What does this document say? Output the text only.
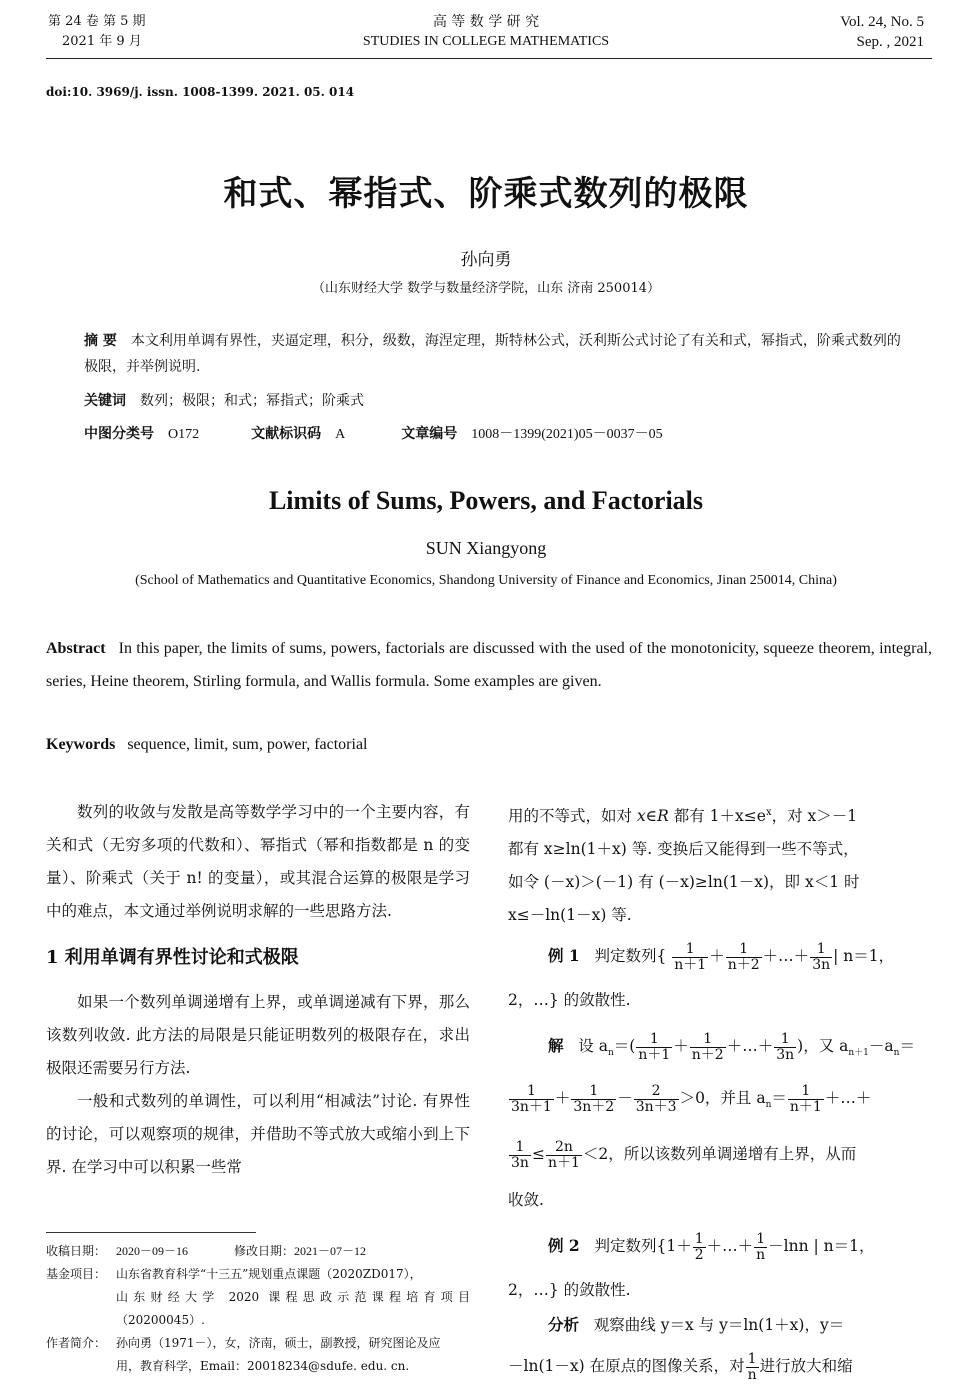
第 24 卷 第 5 期
2021 年 9 月
高 等 数 学 研 究
STUDIES IN COLLEGE MATHEMATICS
Vol. 24, No. 5
Sep. , 2021
doi:10. 3969/j. issn. 1008-1399. 2021. 05. 014
和式、幂指式、阶乘式数列的极限
孙向勇
（山东财经大学 数学与数量经济学院，山东 济南 250014）
摘 要 本文利用单调有界性，夹逼定理，积分，级数，海涅定理，斯特林公式，沃利斯公式讨论了有关和式，幂指式，阶乘式数列的极限，并举例说明.
关键词 数列；极限；和式；幂指式；阶乘式
中图分类号 O172	文献标识码 A	文章编号 1008－1399(2021)05－0037－05
Limits of Sums, Powers, and Factorials
SUN Xiangyong
(School of Mathematics and Quantitative Economics, Shandong University of Finance and Economics, Jinan 250014, China)
Abstract In this paper, the limits of sums, powers, factorials are discussed with the used of the monotonicity, squeeze theorem, integral, series, Heine theorem, Stirling formula, and Wallis formula. Some examples are given.
Keywords sequence, limit, sum, power, factorial

数列的收敛与发散是高等数学学习中的一个主要内容，有关和式（无穷多项的代数和）、幂指式（幂和指数都是 n 的变量）、阶乘式（关于 n! 的变量），或其混合运算的极限是学习中的难点，本文通过举例说明求解的一些思路方法.

1 利用单调有界性讨论和式极限

如果一个数列单调递增有上界，或单调递减有下界，那么该数列收敛. 此方法的局限是只能证明数列的极限存在，求出极限还需要另行方法.

一般和式数列的单调性，可以利用“相减法”讨论. 有界性的讨论，可以观察项的规律，并借助不等式放大或缩小到上下界. 在学习中可以积累一些常

收稿日期： 2020－09－16	修改日期：2021－07－12
基金项目： 山东省教育科学“十三五”规划重点课题（2020ZD017），
山东财经大学 2020 课程思政示范课程培育项目
（20200045）.
作者简介： 孙向勇（1971－），女，济南，硕士，副教授，研究图论及应
用，教育科学，Email：20018234@sdufe. edu. cn.
用的不等式，如对 x∈R 都有 $1+x\le e^x$，对 x＞－1
都有 x≥ln(1＋x) 等. 变换后又能得到一些不等式，
如令 (－x)＞(－1) 有 (－x)≥ln(1－x)，即 x＜1 时
x≤－ln(1－x) 等.
例 1 判定数列{ $\frac{1}{n+1} + \frac{1}{n+2}$ ＋…＋ $\frac{1}{3n}$ | n＝1，
2，…} 的敛散性.
解 设 $a_n=( \frac{1}{n+1} + \frac{1}{n+2}$ ＋…＋ $\frac{1}{3n}$ )，又 $a_{n+1}-a_n=$
$\frac{1}{3n+1} + \frac{1}{3n+2} - \frac{2}{3n+3} >0$，并且 $a_n= \frac{1}{n+1}$ ＋…＋
$\frac{1}{3n} \le \frac{2n}{n+1} <2$，所以该数列单调递增有上界，从而
收敛.
例 2 判定数列{$1+ \frac{1}{2}$ ＋…＋ $\frac{1}{n} -\ln n$ | n＝1，
2，…} 的敛散性.
分析 观察曲线 y＝x 与 y＝ln(1＋x)，y＝
－ln(1－x) 在原点的图像关系，对 $\frac{1}{n}$ 进行放大和缩
